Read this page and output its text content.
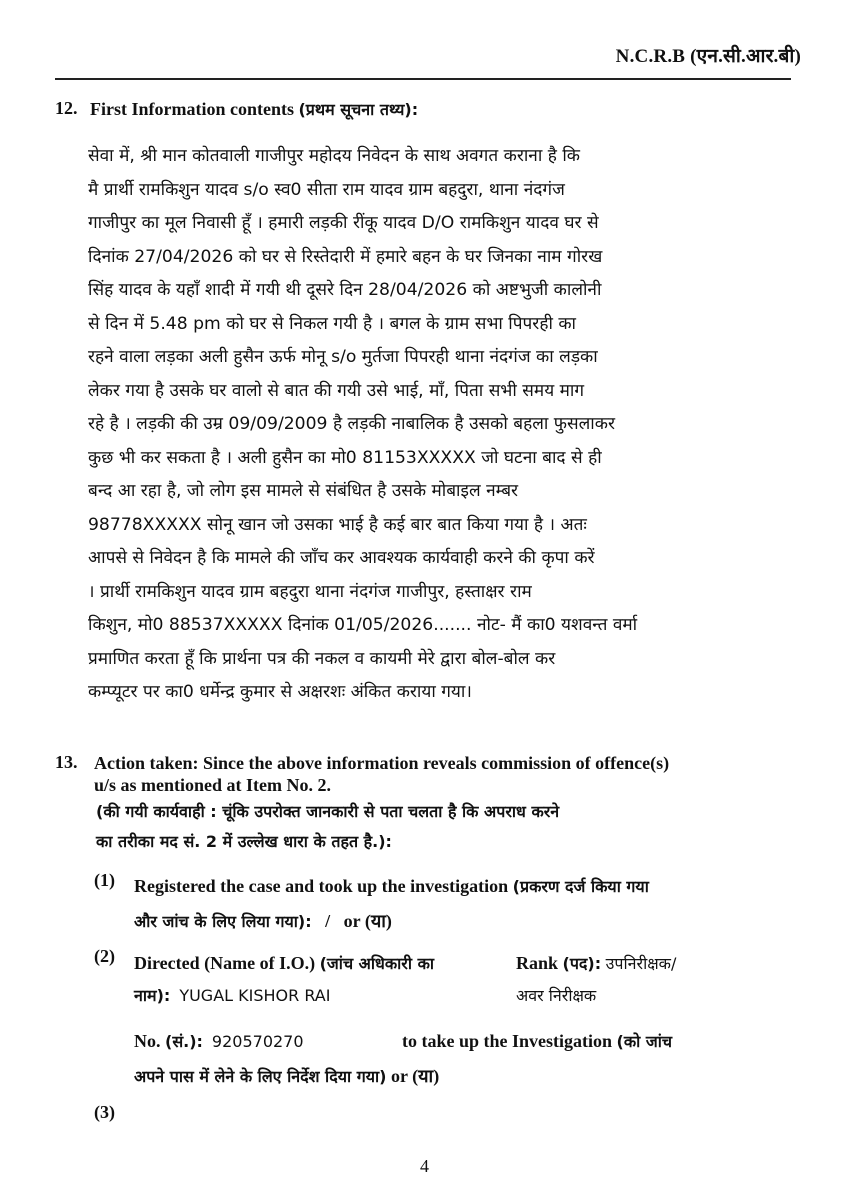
N.C.R.B (एन.सी.आर.बी)
12. First Information contents (प्रथम सूचना तथ्य):
सेवा में, श्री मान कोतवाली गाजीपुर महोदय निवेदन के साथ अवगत कराना है कि
मै प्रार्थी रामकिशुन यादव s/o स्व0 सीता राम यादव ग्राम बहदुरा, थाना नंदगंज
गाजीपुर का मूल निवासी हूँ । हमारी लड़की रींकू यादव D/O रामकिशुन यादव घर से
दिनांक 27/04/2026 को घर से रिस्तेदारी में हमारे बहन के घर जिनका नाम गोरख
सिंह यादव के यहाँ शादी में गयी थी दूसरे दिन 28/04/2026 को अष्टभुजी कालोनी
से दिन में 5.48 pm को घर से निकल गयी है । बगल के ग्राम सभा पिपरही का
रहने वाला लड़का अली हुसैन ऊर्फ मोनू s/o मुर्तजा पिपरही थाना नंदगंज का लड़का
लेकर गया है उसके घर वालो से बात की गयी उसे भाई, माँ, पिता सभी समय माग
रहे है । लड़की की उम्र 09/09/2009 है लड़की नाबालिक है उसको बहला फुसलाकर
कुछ भी कर सकता है । अली हुसैन का मो0 81153XXXXX जो घटना बाद से ही
बन्द आ रहा है, जो लोग इस मामले से संबंधित है उसके मोबाइल नम्बर
98778XXXXX सोनू खान जो उसका भाई है कई बार बात किया गया है । अतः
आपसे से निवेदन है कि मामले की जाँच कर आवश्यक कार्यवाही करने की कृपा करें
। प्रार्थी रामकिशुन यादव ग्राम बहदुरा थाना नंदगंज गाजीपुर, हस्ताक्षर राम
किशुन, मो0 88537XXXXX दिनांक 01/05/2026....... नोट- मैं का0 यशवन्त वर्मा
प्रमाणित करता हूँ कि प्रार्थना पत्र की नकल व कायमी मेरे द्वारा बोल-बोल कर
कम्प्यूटर पर का0 धर्मेन्द्र कुमार से अक्षरशः अंकित कराया गया।
13. Action taken: Since the above information reveals commission of offence(s)
u/s as mentioned at Item No. 2.
(की गयी कार्यवाही : चूंकि उपरोक्त जानकारी से पता चलता है कि अपराध करने
का तरीका मद सं. 2 में उल्लेख धारा के तहत है.):
(1) Registered the case and took up the investigation (प्रकरण दर्ज किया गया
और जांच के लिए लिया गया): / or (या)
(2) Directed (Name of I.O.) (जांच अधिकारी का
नाम): YUGAL KISHOR RAI
Rank (पद): उपनिरीक्षक/
अवर निरीक्षक
No. (सं.): 920570270	to take up the Investigation (को जांच
अपने पास में लेने के लिए निर्देश दिया गया) or (या)
(3)
4
